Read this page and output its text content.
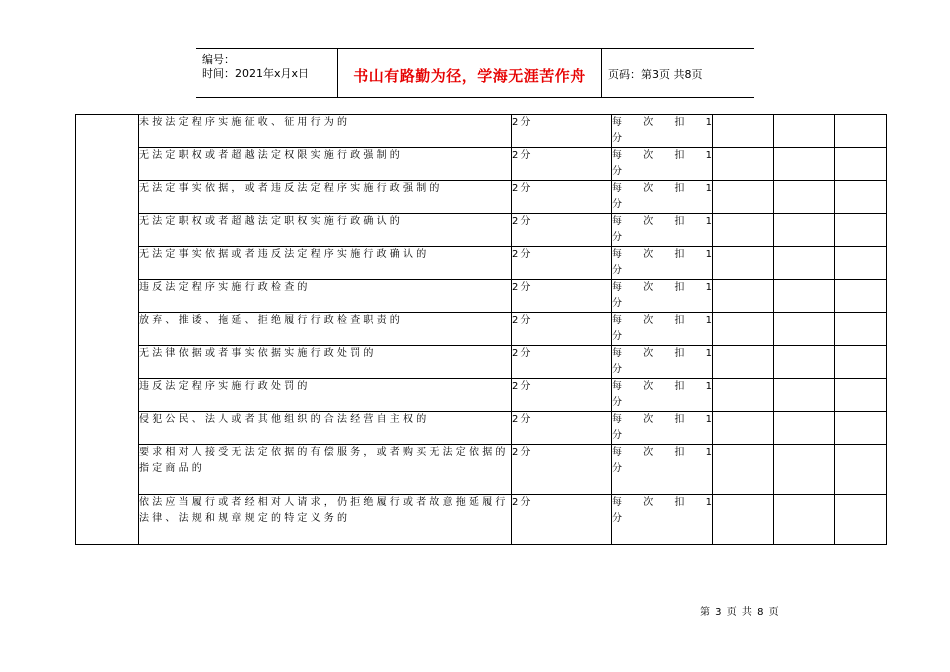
编号：
时间：2021年x月x日	书山有路勤为径，学海无涯苦作舟	页码：第3页 共8页
	未按法定程序实施征收、征用行为的	2分	每 次 扣 1
分			

	无法定职权或者超越法定权限实施行政强制的	2分	每 次 扣 1
分			

	无法定事实依据，或者违反法定程序实施行政强制的	2分	每 次 扣 1
分			

	无法定职权或者超越法定职权实施行政确认的	2分	每 次 扣 1
分			

	无法定事实依据或者违反法定程序实施行政确认的	2分	每 次 扣 1
分			

	违反法定程序实施行政检查的	2分	每 次 扣 1
分			

	放弃、推诿、拖延、拒绝履行行政检查职责的	2分	每 次 扣 1
分			

	无法律依据或者事实依据实施行政处罚的	2分	每 次 扣 1
分			

	违反法定程序实施行政处罚的	2分	每 次 扣 1
分			

	侵犯公民、法人或者其他组织的合法经营自主权的	2分	每 次 扣 1
分			

	要求相对人接受无法定依据的有偿服务，或者购买无法定依据的指定商品的	2分	每 次 扣 1
分			

	依法应当履行或者经相对人请求，仍拒绝履行或者故意拖延履行法律、法规和规章规定的特定义务的	2分	每 次 扣 1
分			

第 3 页 共 8 页
